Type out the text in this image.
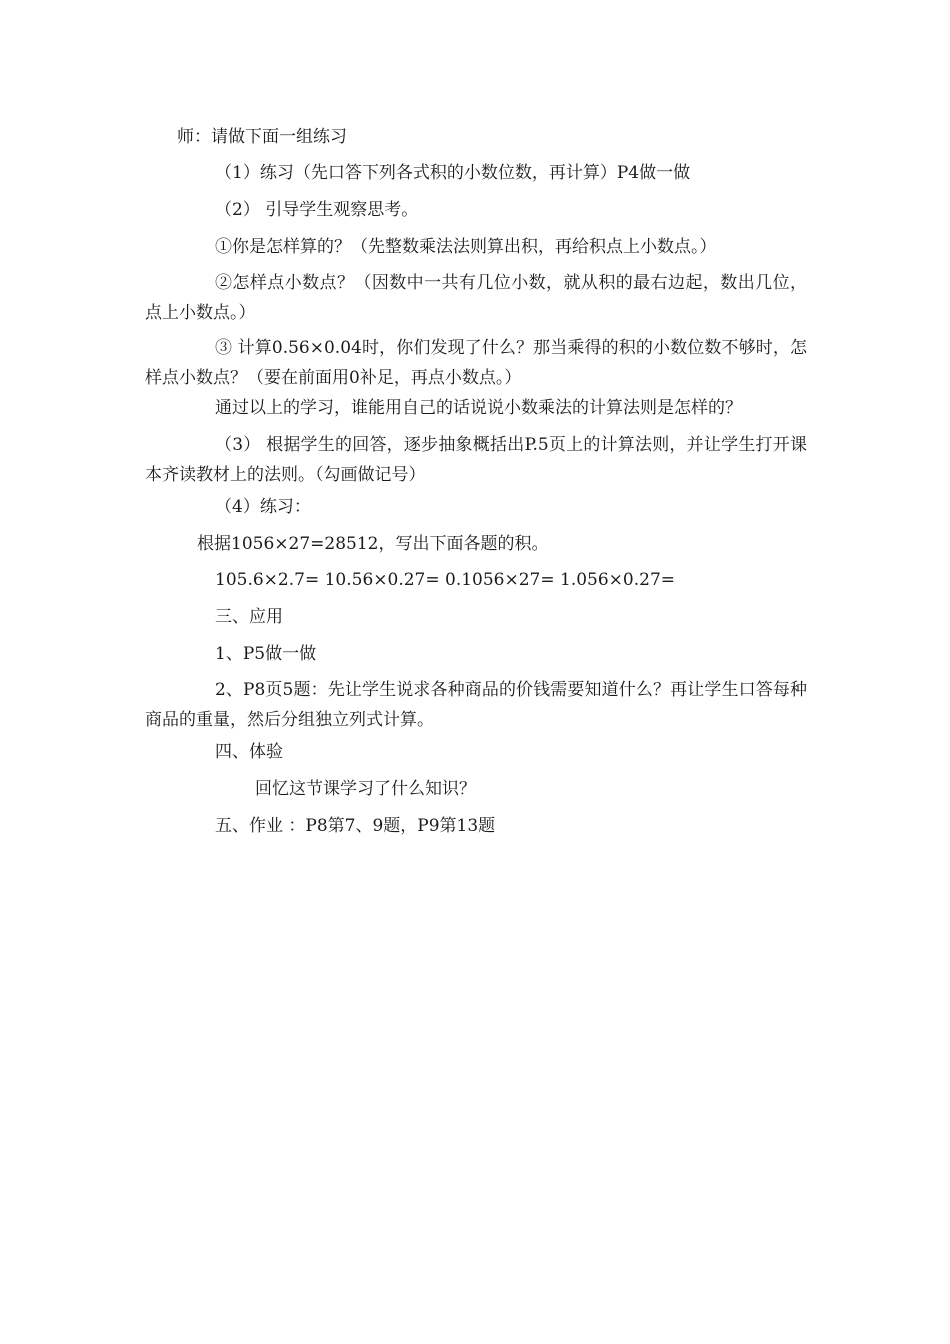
师：请做下面一组练习
（1）练习（先口答下列各式积的小数位数，再计算）P4做一做
（2） 引导学生观察思考。
①你是怎样算的？（先整数乘法法则算出积，再给积点上小数点。）
②怎样点小数点？（因数中一共有几位小数，就从积的最右边起，数出几位，点上小数点。）
③ 计算0.56×0.04时，你们发现了什么？那当乘得的积的小数位数不够时，怎样点小数点？（要在前面用0补足，再点小数点。）
通过以上的学习，谁能用自己的话说说小数乘法的计算法则是怎样的？
（3） 根据学生的回答，逐步抽象概括出P.5页上的计算法则，并让学生打开课本齐读教材上的法则。（勾画做记号）
（4）练习：
根据1056×27=28512，写出下面各题的积。
105.6×2.7= 10.56×0.27= 0.1056×27= 1.056×0.27=
三、应用
1、P5做一做
2、P8页5题：先让学生说求各种商品的价钱需要知道什么？再让学生口答每种商品的重量，然后分组独立列式计算。
四、体验
回忆这节课学习了什么知识？
五、作业 ：P8第7、9题，P9第13题
